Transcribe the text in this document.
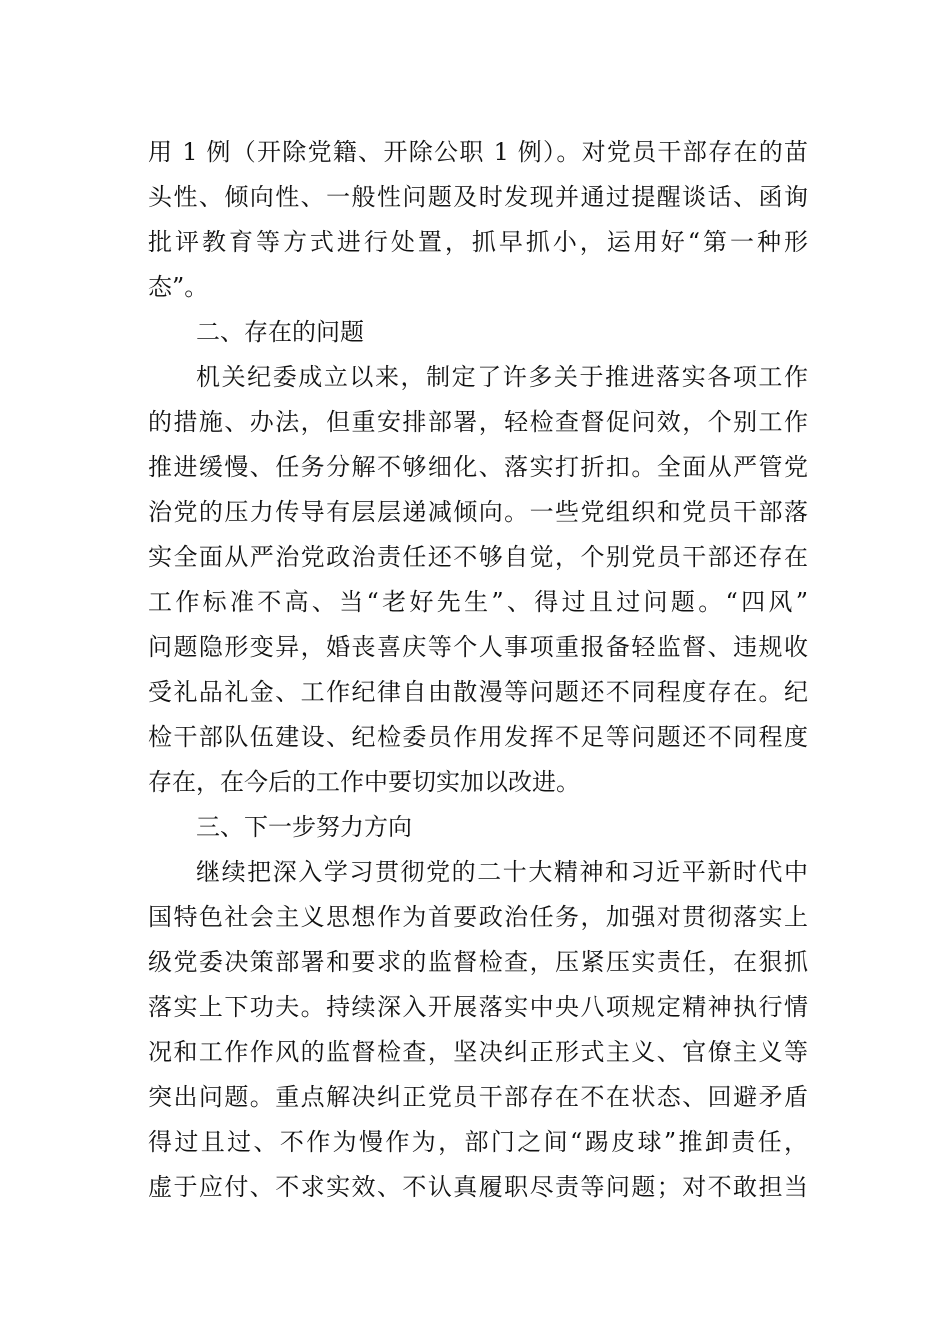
用 1 例（开除党籍、开除公职 1 例）。对党员干部存在的苗
头性、倾向性、一般性问题及时发现并通过提醒谈话、函询
批评教育等方式进行处置，抓早抓小，运用好“第一种形
态”。
二、存在的问题
机关纪委成立以来，制定了许多关于推进落实各项工作
的措施、办法，但重安排部署，轻检查督促问效，个别工作
推进缓慢、任务分解不够细化、落实打折扣。全面从严管党
治党的压力传导有层层递减倾向。一些党组织和党员干部落
实全面从严治党政治责任还不够自觉，个别党员干部还存在
工作标准不高、当“老好先生”、得过且过问题。“四风”
问题隐形变异，婚丧喜庆等个人事项重报备轻监督、违规收
受礼品礼金、工作纪律自由散漫等问题还不同程度存在。纪
检干部队伍建设、纪检委员作用发挥不足等问题还不同程度
存在，在今后的工作中要切实加以改进。
三、下一步努力方向
继续把深入学习贯彻党的二十大精神和习近平新时代中
国特色社会主义思想作为首要政治任务，加强对贯彻落实上
级党委决策部署和要求的监督检查，压紧压实责任，在狠抓
落实上下功夫。持续深入开展落实中央八项规定精神执行情
况和工作作风的监督检查，坚决纠正形式主义、官僚主义等
突出问题。重点解决纠正党员干部存在不在状态、回避矛盾
得过且过、不作为慢作为，部门之间“踢皮球”推卸责任，
虚于应付、不求实效、不认真履职尽责等问题；对不敢担当
